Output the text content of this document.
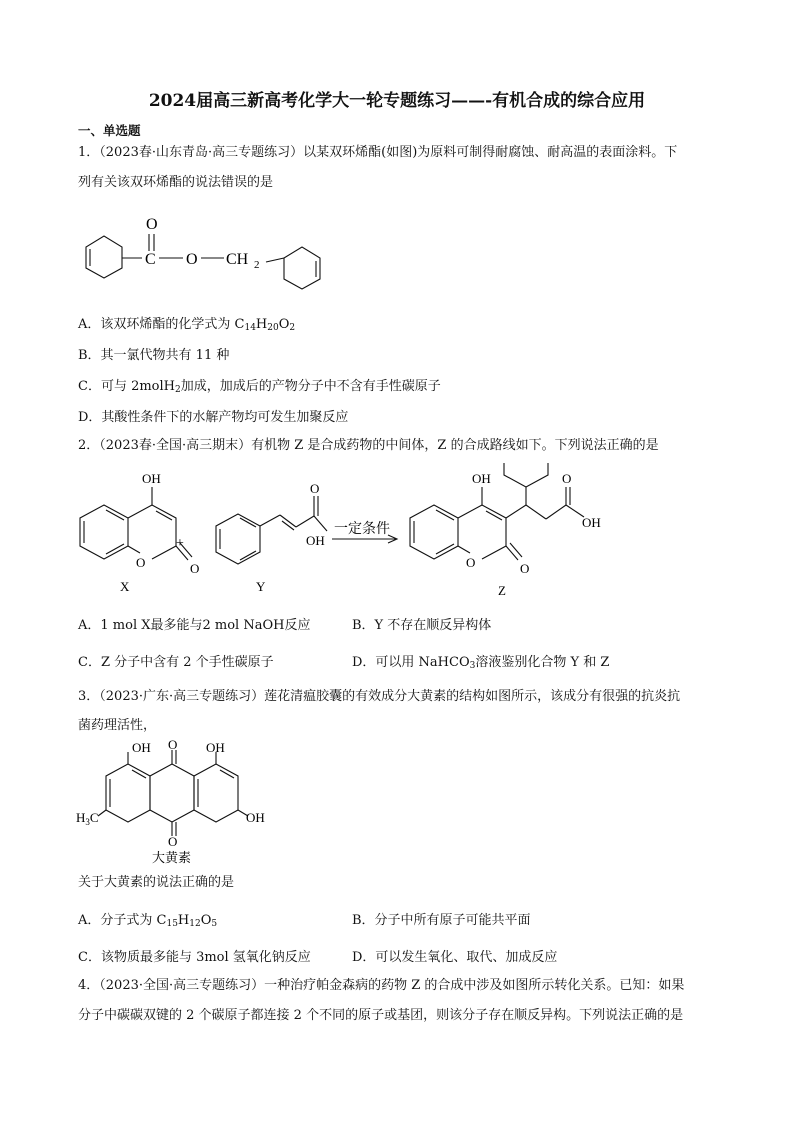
2024届高三新高考化学大一轮专题练习——-有机合成的综合应用
一、单选题
1．（2023春·山东青岛·高三专题练习）以某双环烯酯(如图)为原料可制得耐腐蚀、耐高温的表面涂料。下
列有关该双环烯酯的说法错误的是
O
C O CH 2
A．该双环烯酯的化学式为 $C_{14}H_{20}O_2$
B．其一氯代物共有 11 种
C．可与 2molH$_2$加成，加成后的产物分子中不含有手性碳原子
D．其酸性条件下的水解产物均可发生加聚反应
2．（2023春·全国·高三期末）有机物 Z 是合成药物的中间体，Z 的合成路线如下。下列说法正确的是
OH
O	O
X
+
O
OH
Y
一定条件
OH
O	O
O
OH
Z
A．1 mol X最多能与2 mol NaOH反应	B．Y 不存在顺反异构体
C．Z 分子中含有 2 个手性碳原子	D．可以用 NaHCO$_3$溶液鉴别化合物 Y 和 Z
3．（2023·广东·高三专题练习）莲花清瘟胶囊的有效成分大黄素的结构如图所示，该成分有很强的抗炎抗
菌药理活性，
OH O OH
$H_3C$	OH
O
大黄素
关于大黄素的说法正确的是
A．分子式为 $C_{15}H_{12}O_5$	B．分子中所有原子可能共平面
C．该物质最多能与 3mol 氢氧化钠反应	D．可以发生氧化、取代、加成反应
4．（2023·全国·高三专题练习）一种治疗帕金森病的药物 Z 的合成中涉及如图所示转化关系。已知：如果
分子中碳碳双键的 2 个碳原子都连接 2 个不同的原子或基团，则该分子存在顺反异构。下列说法正确的是
